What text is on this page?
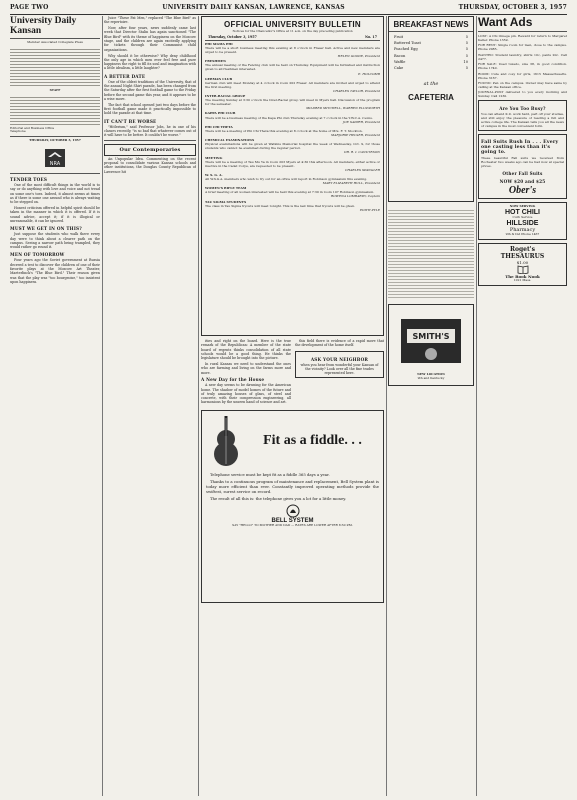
PAGE TWO	UNIVERSITY DAILY KANSAN, LAWRENCE, KANSAS	THURSDAY, OCTOBER 3, 1957
University Daily Kansan
Member Associated Collegiate Press
STAFF
Editorial and Business Office
Telephone
THURSDAY, OCTOBER 3, 1957
NRA
TENDER TOES

One of the most difficult things in the world is to say or do anything with love and voice and not tread on some one's toes. Indeed, it almost seems at times as if there is some one around who is always waiting to be stepped on.

Honest criticism offered in helpful spirit should be taken in the manner in which it is offered. If it is sound advice, accept it; if it is illogical or unreasonable, it can be ignored.

MUST WE GET IN ON THIS?

Just suppose the students who walk there every day were to think about a clearer path on the campus. Seeing a narrow path being trampled, they would rather go round it.

MEN OF TOMORROW

Four years ago the Soviet government at Russia decreed a test to discover the children of one of their favorite plays at the Moscow Art Theater, Maeterlinck's "The Blue Bird." Their reason given was that the play was "too bourgeoise," too insistent upon happiness.

Juice "These Fat Men," replaced "The Blue Bird" as the repertoire.

Now, after four years, news suddenly came last week that Director Stalin has again sanctioned "The Blue Bird" with its theme of happiness on the Moscow stage, and the children are again excitedly applying for tickets through their Communist child organizations.

Why should it be otherwise? Why deny childhood the only age in which men ever feel free and pure happiness the right to fill its soul and imagination with a little idealism, a little laughter?

A BETTER DATE

One of the oldest traditions of the University, that of the annual Night Shirt parade, has been changed from the Saturday after the first football game to the Friday before the second game this year, and it appears to be a wise move.

The fact that school opened just two days before the first football game made it practically impossible to hold the parade at that time.

IT CAN'T BE WORSE

"Hitlerism," said Professor Jobs, he in one of his classes recently, "is so bad that whatever comes out of it will have to be better. It couldn't be worse."

Our Contemporaries

An Unpopular Idea. Commenting on the recent proposal to consolidate various Kansas schools and other institutions, the Douglas County Republican of Lawrence hit

OFFICIAL UNIVERSITY BULLETIN
Notices for the Chancellor's Office at 11 a.m. on the day preceding publication
Thursday, October 3, 1957	No. 17
PHI SIGMA PHI
There will be a short business meeting this evening at 8 o'clock in Fraser hall. Active and new members are urged to be present.
HELEN GOODE, President
FRESHMEN
The annual meeting of the Fencing club will be held on Thursday. Equipment will be furnished and instruction given to all freshmen interested.
E. HOLCOMB
GERMAN CLUB
German club will meet Monday at 4 o'clock in room 202 Fraser. All members are invited and urged to attend the first meeting.
CHARLES TAYLOR, President
INTER-RACIAL GROUP
The meeting Sunday at 3:30 o'clock the Inter-Racial group will meet in Myers hall. Discussion of the program for the semester.
MILDRED MITCHELL, WARREN ELLSWORTH
KAPPA PHI CLUB
There will be a business meeting of the Kapa Phi club Thursday evening at 7 o'clock in the Y.W.C.A. rooms.
JOE SAPPER, President
PHI CHI THETA
There will be a meeting of Phi Chi Theta this evening at 8 o'clock at the home of Mrs. F. T. Stockton.
MARJORIE HELSER, President
CHEMICAL EXAMINATIONS
Physical examinations will be given at Watkins Memorial hospital the week of Wednesday, Oct. 9, for those students who cannot be examined during the regular period.
DR. R. I. CANUTESON
MEETING
There will be a meeting of Tau Mu Ya in room 203 Myers at 4:30 this afternoon. All members, either active or inactive in the Cadet Corps, are requested to be present.
CHARLES SPANGLER
W. S. G. A.
All W.S.G.A. members who wish to try out for an office will report in Robinson gymnasium this evening.
MARY ELIZABETH HULL, President
WOMEN'S RIFLE TEAM
A brief meeting of all women interested will be held this evening at 7:30 in room 107 Robinson gymnasium.
ROWENA LOMBARDY, Captain
TAU SIGMA STUDENTS
The class in Tau Sigma tryouts will meet tonight. This is the last time that tryouts will be given.
EDITH PYLE

ities and right on the board. Here is the true remark of the Republican: A member of the state board of regents thinks consolidation of all state schools would be a good thing. He thinks the legislature should be brought into the picture.

In rural Kansas we need to understand the ones who are farming and living on the farms more and more.

A New Day for the House

A new day seems to be dawning for the American home. The shadow of model homes of the future and of truly amazing houses of glass, of steel and concrete, with their compression engineering, all harmonious by the unseen hand of science and art.

this field there is evidence of a rapid move that the development of the home itself.

ASK YOUR NEIGHBOR
when you hear from wonderful your Kansan of the vicinity? Look over all the fine trades represented here.
Fit as a fiddle. . .

Telephone service must be kept fit as a fiddle 365 days a year.

Thanks to a continuous program of maintenance and replacement, Bell System plant is today more efficient than ever. Constantly improved operating methods provide the swiftest, surest service on record.

The result of all this is: the telephone gives you a lot for a little money.

BELL SYSTEM
SAY "HELLO" TO MOTHER AND DAD — RATES ARE LOWER AFTER 8:30 P.M.
BREAKFAST NEWS
Fruit	5
Buttered Toast	5
Poached Egg	5
Bacon	5
Waffle	10
Cake	5
at the
CAFETERIA
SMITH'S
NEW LOCATION
9th and Kentucky
Want Ads

LOST: A Chi Omega pin. Reward for return to Margaret Keller. Phone 1359.

FOR RENT: Single room for men, close to the campus. Phone 2085.

WANTED: Student laundry, shirts 10c, pants 20c. Call 2477.

FOR SALE: Used tuxedo, size 38, in good condition. Phone 1740.

ROOM: Cute and cosy for girls, 1615 Massachusetts. Phone 3167.

FOUND: Pen on the campus. Owner may have same by calling at the Kansan office.

JOURNAL-POST delivered to you every morning and Sunday. Call 1230.

Are You Too Busy?
You can attend K.U. work hard, part off your studies, and still enjoy the pleasure of reading a full and active college life. The Kansan tells you all the news of campus in the most convenient form.
Fall Suits Rush In . . . Every one casting less than it's going to.
These beautiful Fall suits we received from Rochester two weeks ago can be had now at special prices.
Other Fall Suits
NOW $20 and $25
Ober's
NOW SERVING
HOT CHILI
Curb Service
HILLSIDE
Pharmacy
9th & Ind Phone 1467
Roget's
THESAURUS
$1.00
The Book Nook
1021 Mass.
